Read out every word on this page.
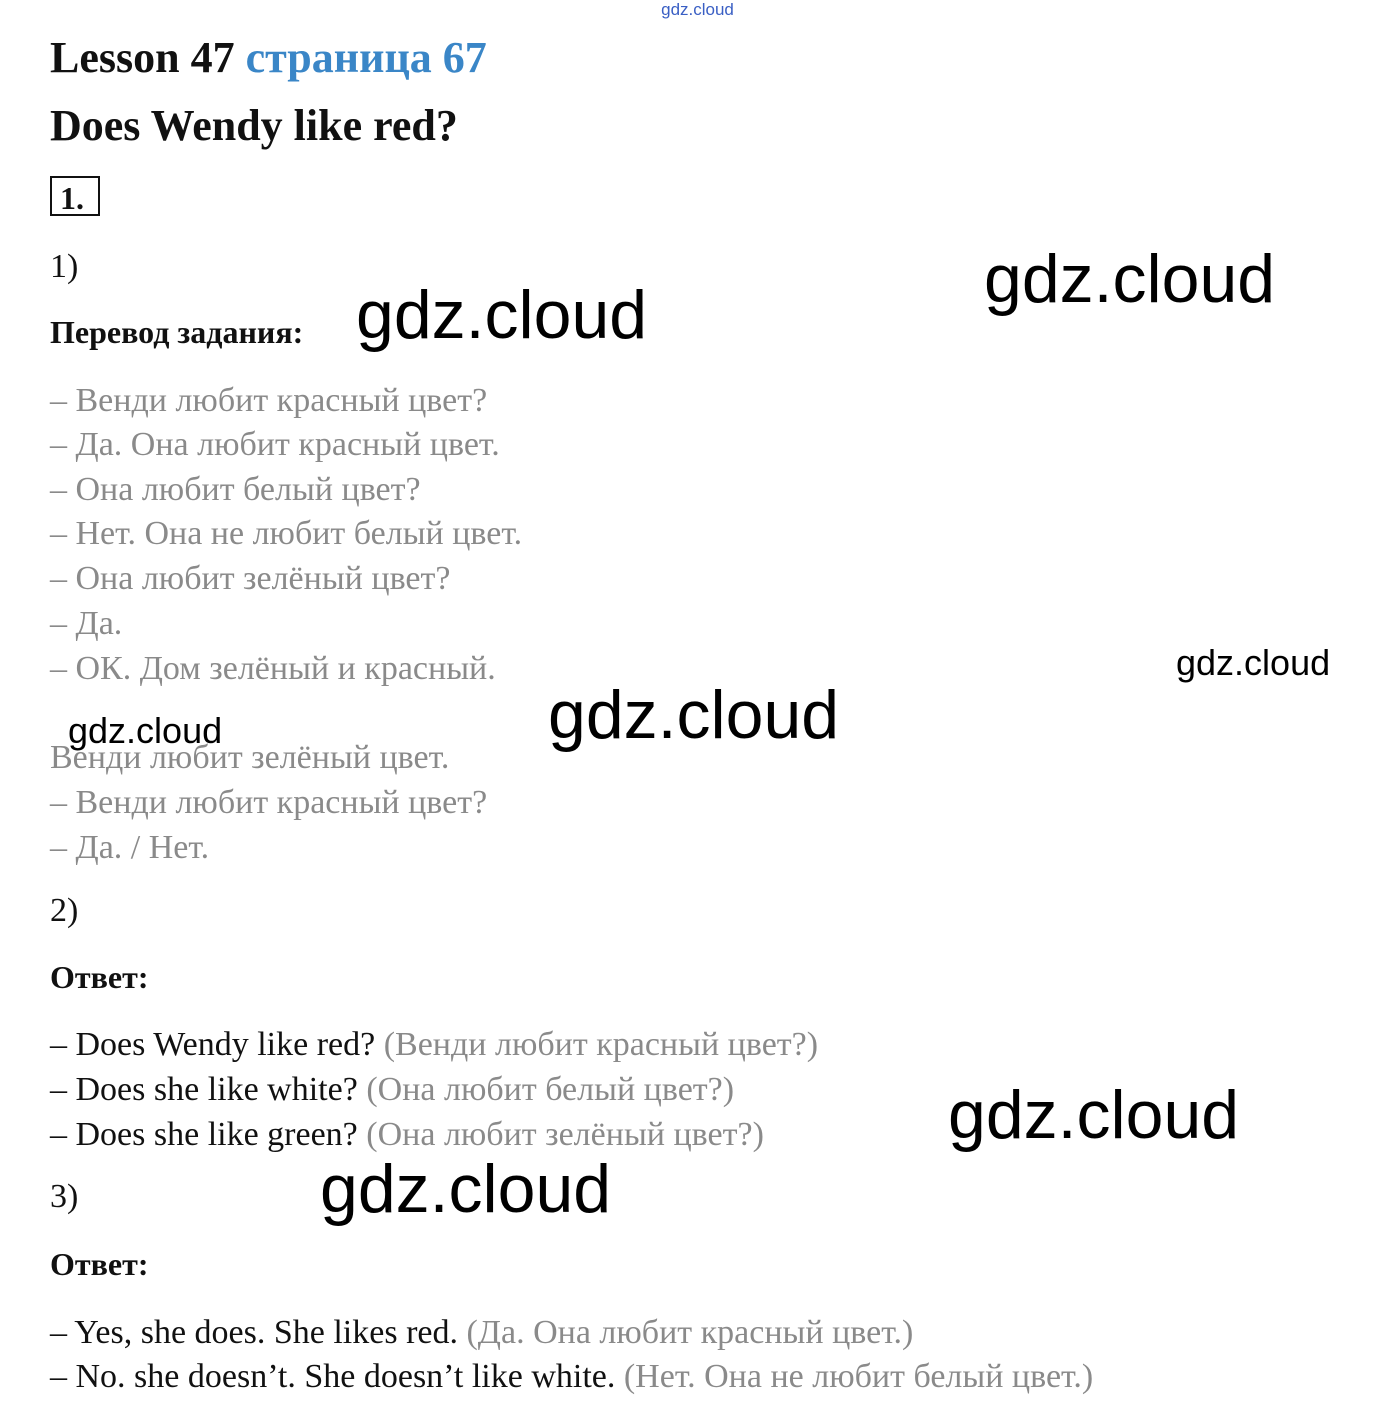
gdz.cloud
Lesson 47 страница 67
Does Wendy like red?
1.
1)
Перевод задания:
– Венди любит красный цвет?
– Да. Она любит красный цвет.
– Она любит белый цвет?
– Нет. Она не любит белый цвет.
– Она любит зелёный цвет?
– Да.
– ОК. Дом зелёный и красный.
Венди любит зелёный цвет.
– Венди любит красный цвет?
– Да. / Нет.
2)
Ответ:
– Does Wendy like red? (Венди любит красный цвет?)
– Does she like white? (Она любит белый цвет?)
– Does she like green? (Она любит зелёный цвет?)
3)
Ответ:
– Yes, she does. She likes red. (Да. Она любит красный цвет.)
– No. she doesn’t. She doesn’t like white. (Нет. Она не любит белый цвет.)
gdz.cloud
gdz.cloud
gdz.cloud
gdz.cloud
gdz.cloud
gdz.cloud
gdz.cloud
